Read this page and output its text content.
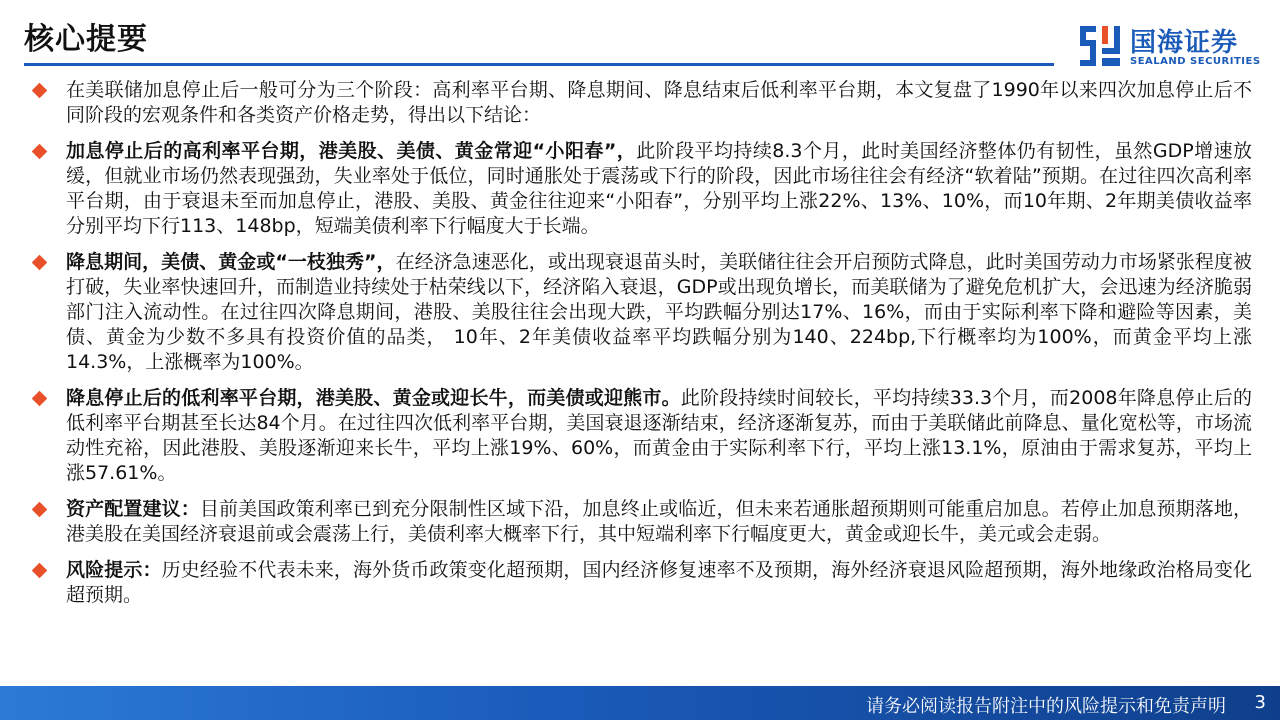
核心提要	国海证券
SEALAND SECURITIES

在美联储加息停止后一般可分为三个阶段：高利率平台期、降息期间、降息结束后低利率平台期，本文复盘了1990年以来四次加息停止后不同阶段的宏观条件和各类资产价格走势，得出以下结论：

加息停止后的高利率平台期，港美股、美债、黄金常迎“小阳春”，此阶段平均持续8.3个月，此时美国经济整体仍有韧性，虽然GDP增速放缓，但就业市场仍然表现强劲，失业率处于低位，同时通胀处于震荡或下行的阶段，因此市场往往会有经济“软着陆”预期。在过往四次高利率平台期，由于衰退未至而加息停止，港股、美股、黄金往往迎来“小阳春”，分别平均上涨22%、13%、10%，而10年期、2年期美债收益率分别平均下行113、148bp，短端美债利率下行幅度大于长端。

降息期间，美债、黄金或“一枝独秀”，在经济急速恶化，或出现衰退苗头时，美联储往往会开启预防式降息，此时美国劳动力市场紧张程度被打破，失业率快速回升，而制造业持续处于枯荣线以下，经济陷入衰退，GDP或出现负增长，而美联储为了避免危机扩大，会迅速为经济脆弱部门注入流动性。在过往四次降息期间，港股、美股往往会出现大跌，平均跌幅分别达17%、16%，而由于实际利率下降和避险等因素，美债、黄金为少数不多具有投资价值的品类， 10年、2年美债收益率平均跌幅分别为140、224bp,下行概率均为100%，而黄金平均上涨14.3%，上涨概率为100%。

降息停止后的低利率平台期，港美股、黄金或迎长牛，而美债或迎熊市。此阶段持续时间较长，平均持续33.3个月，而2008年降息停止后的低利率平台期甚至长达84个月。在过往四次低利率平台期，美国衰退逐渐结束，经济逐渐复苏，而由于美联储此前降息、量化宽松等，市场流动性充裕，因此港股、美股逐渐迎来长牛，平均上涨19%、60%，而黄金由于实际利率下行，平均上涨13.1%，原油由于需求复苏，平均上涨57.61%。

资产配置建议：目前美国政策利率已到充分限制性区域下沿，加息终止或临近，但未来若通胀超预期则可能重启加息。若停止加息预期落地，港美股在美国经济衰退前或会震荡上行，美债利率大概率下行，其中短端利率下行幅度更大，黄金或迎长牛，美元或会走弱。

风险提示：历史经验不代表未来，海外货币政策变化超预期，国内经济修复速率不及预期，海外经济衰退风险超预期，海外地缘政治格局变化超预期。

请务必阅读报告附注中的风险提示和免责声明 3
